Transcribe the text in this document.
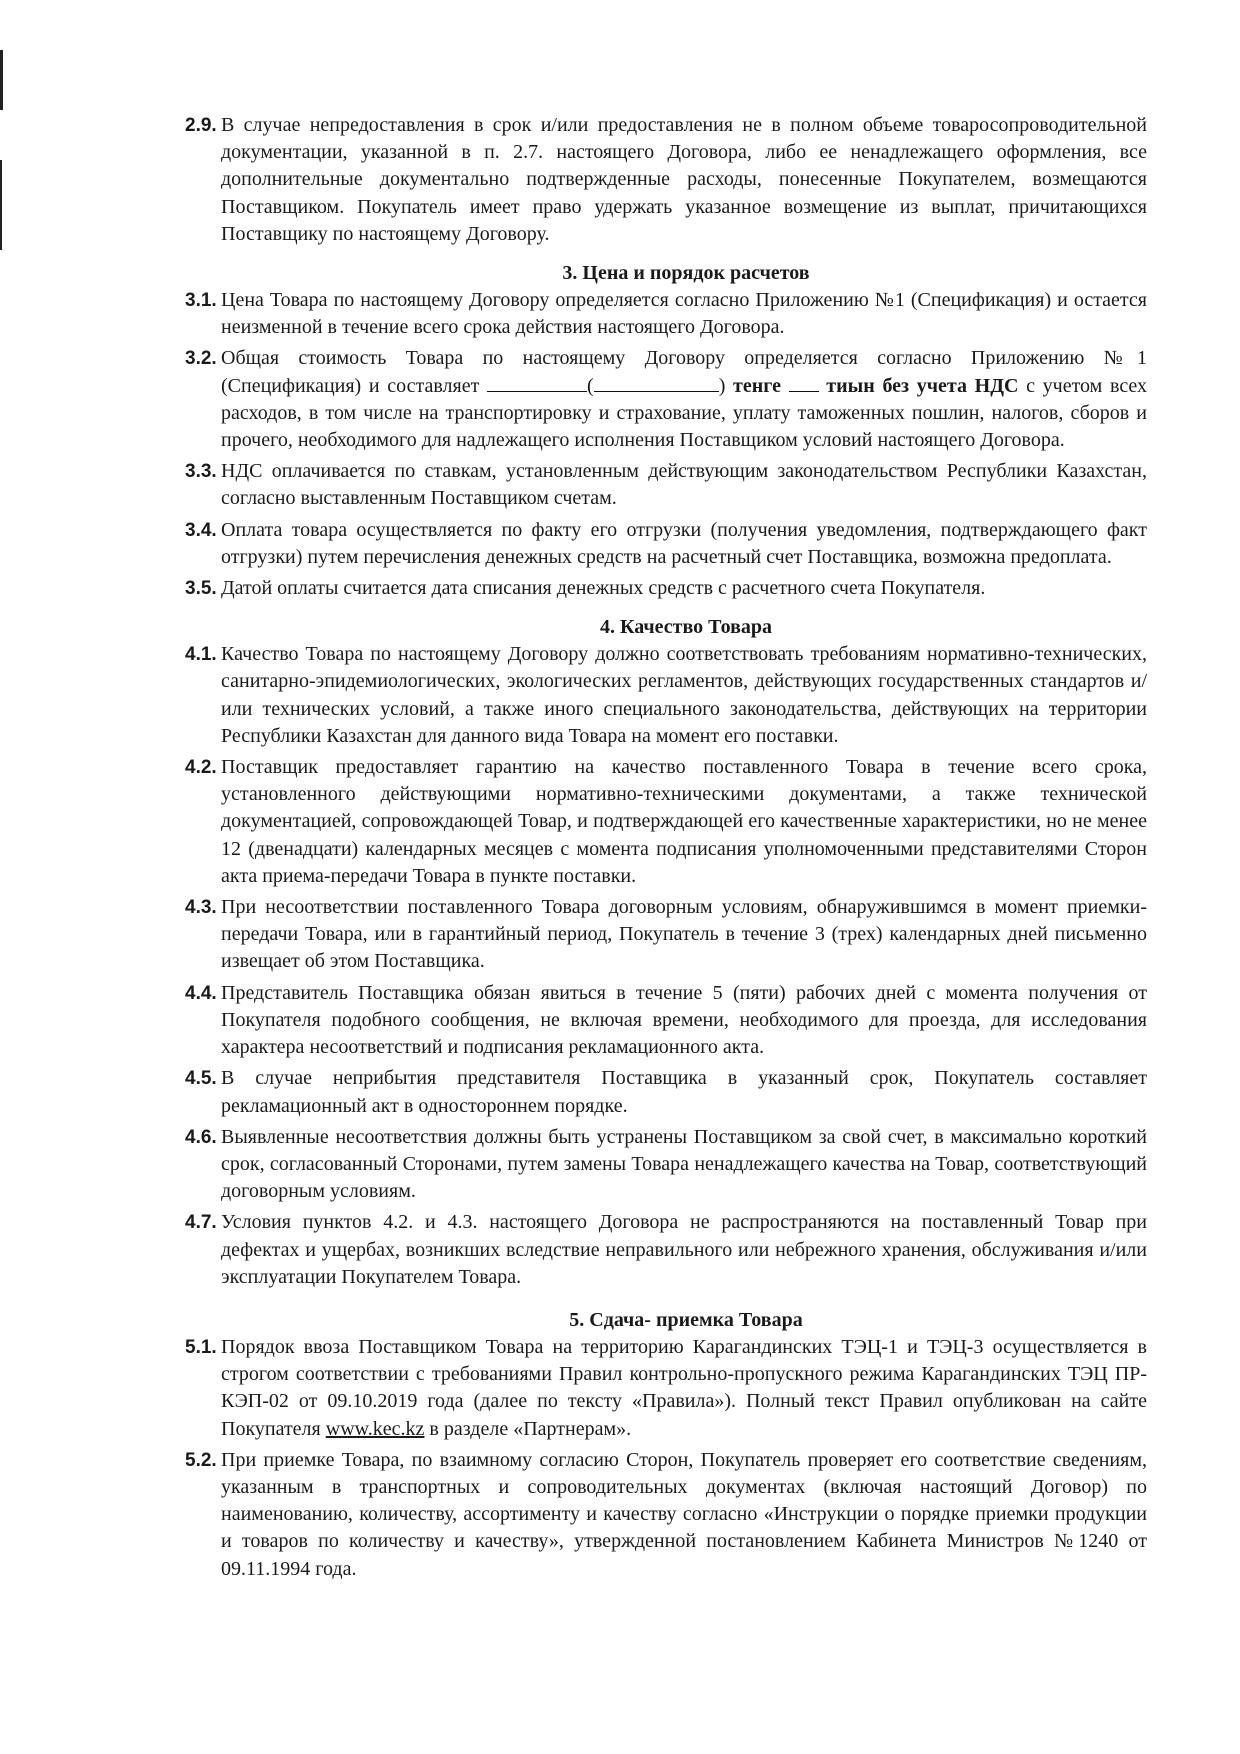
2.9. В случае непредоставления в срок и/или предоставления не в полном объеме товаросопроводительной документации, указанной в п. 2.7. настоящего Договора, либо ее ненадлежащего оформления, все дополнительные документально подтвержденные расходы, понесенные Покупателем, возмещаются Поставщиком. Покупатель имеет право удержать указанное возмещение из выплат, причитающихся Поставщику по настоящему Договору.
3. Цена и порядок расчетов
3.1. Цена Товара по настоящему Договору определяется согласно Приложению №1 (Спецификация) и остается неизменной в течение всего срока действия настоящего Договора.
3.2. Общая стоимость Товара по настоящему Договору определяется согласно Приложению №1 (Спецификация) и составляет	(	) тенге тиын без учета НДС с учетом всех расходов, в том числе на транспортировку и страхование, уплату таможенных пошлин, налогов, сборов и прочего, необходимого для надлежащего исполнения Поставщиком условий настоящего Договора.
3.3. НДС оплачивается по ставкам, установленным действующим законодательством Республики Казахстан, согласно выставленным Поставщиком счетам.
3.4. Оплата товара осуществляется по факту его отгрузки (получения уведомления, подтверждающего факт отгрузки) путем перечисления денежных средств на расчетный счет Поставщика, возможна предоплата.
3.5. Датой оплаты считается дата списания денежных средств с расчетного счета Покупателя.
4. Качество Товара
4.1. Качество Товара по настоящему Договору должно соответствовать требованиям нормативно-технических, санитарно-эпидемиологических, экологических регламентов, действующих государственных стандартов и/или технических условий, а также иного специального законодательства, действующих на территории Республики Казахстан для данного вида Товара на момент его поставки.
4.2. Поставщик предоставляет гарантию на качество поставленного Товара в течение всего срока, установленного действующими нормативно-техническими документами, а также технической документацией, сопровождающей Товар, и подтверждающей его качественные характеристики, но не менее 12 (двенадцати) календарных месяцев с момента подписания уполномоченными представителями Сторон акта приема-передачи Товара в пункте поставки.
4.3. При несоответствии поставленного Товара договорным условиям, обнаружившимся в момент приемки-передачи Товара, или в гарантийный период, Покупатель в течение 3 (трех) календарных дней письменно извещает об этом Поставщика.
4.4. Представитель Поставщика обязан явиться в течение 5 (пяти) рабочих дней с момента получения от Покупателя подобного сообщения, не включая времени, необходимого для проезда, для исследования характера несоответствий и подписания рекламационного акта.
4.5. В случае неприбытия представителя Поставщика в указанный срок, Покупатель составляет рекламационный акт в одностороннем порядке.
4.6. Выявленные несоответствия должны быть устранены Поставщиком за свой счет, в максимально короткий срок, согласованный Сторонами, путем замены Товара ненадлежащего качества на Товар, соответствующий договорным условиям.
4.7. Условия пунктов 4.2. и 4.3. настоящего Договора не распространяются на поставленный Товар при дефектах и ущербах, возникших вследствие неправильного или небрежного хранения, обслуживания и/или эксплуатации Покупателем Товара.
5. Сдача- приемка Товара
5.1. Порядок ввоза Поставщиком Товара на территорию Карагандинских ТЭЦ-1 и ТЭЦ-3 осуществляется в строгом соответствии с требованиями Правил контрольно-пропускного режима Карагандинских ТЭЦ ПР-КЭП-02 от 09.10.2019 года (далее по тексту «Правила»). Полный текст Правил опубликован на сайте Покупателя www.kec.kz в разделе «Партнерам».
5.2. При приемке Товара, по взаимному согласию Сторон, Покупатель проверяет его соответствие сведениям, указанным в транспортных и сопроводительных документах (включая настоящий Договор) по наименованию, количеству, ассортименту и качеству согласно «Инструкции о порядке приемки продукции и товаров по количеству и качеству», утвержденной постановлением Кабинета Министров №1240 от 09.11.1994 года.
